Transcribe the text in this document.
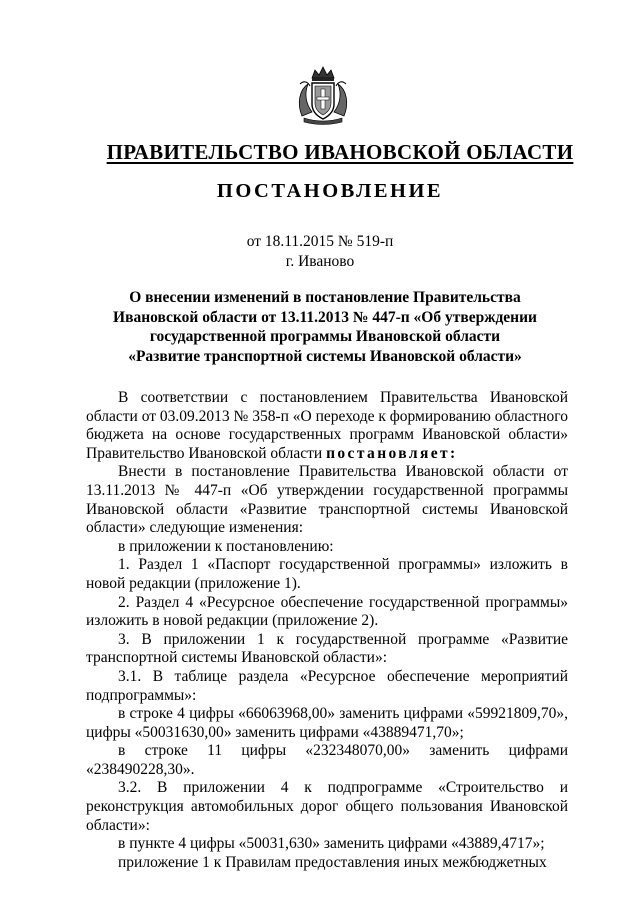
ПРАВИТЕЛЬСТВО ИВАНОВСКОЙ ОБЛАСТИ
ПОСТАНОВЛЕНИЕ
от 18.11.2015 № 519-п
г. Иваново
О внесении изменений в постановление Правительства
Ивановской области от 13.11.2013 № 447-п «Об утверждении
государственной программы Ивановской области
«Развитие транспортной системы Ивановской области»

В соответствии с постановлением Правительства Ивановской области от 03.09.2013 № 358-п «О переходе к формированию областного бюджета на основе государственных программ Ивановской области» Правительство Ивановской области постановляет:

Внести в постановление Правительства Ивановской области от 13.11.2013 № 447-п «Об утверждении государственной программы Ивановской области «Развитие транспортной системы Ивановской области» следующие изменения:

в приложении к постановлению:

1. Раздел 1 «Паспорт государственной программы» изложить в новой редакции (приложение 1).

2. Раздел 4 «Ресурсное обеспечение государственной программы» изложить в новой редакции (приложение 2).

3. В приложении 1 к государственной программе «Развитие транспортной системы Ивановской области»:

3.1. В таблице раздела «Ресурсное обеспечение мероприятий подпрограммы»:

в строке 4 цифры «66063968,00» заменить цифрами «59921809,70», цифры «50031630,00» заменить цифрами «43889471,70»;

в строке 11 цифры «232348070,00» заменить цифрами «238490228,30».

3.2. В приложении 4 к подпрограмме «Строительство и реконструкция автомобильных дорог общего пользования Ивановской области»:

в пункте 4 цифры «50031,630» заменить цифрами «43889,4717»;

приложение 1 к Правилам предоставления иных межбюджетных
